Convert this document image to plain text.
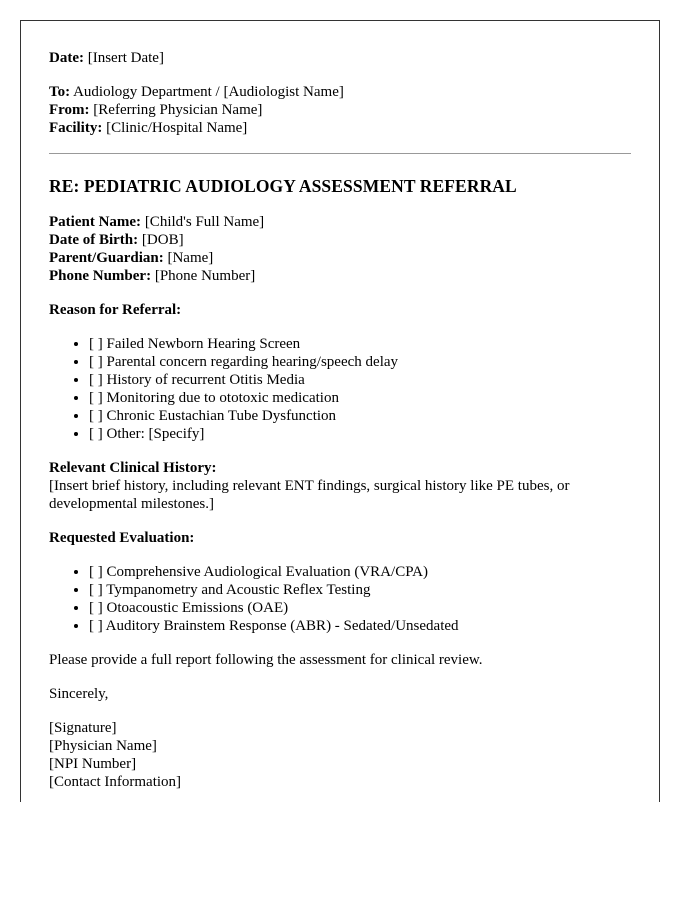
Date: [Insert Date]

To: Audiology Department / [Audiologist Name]

From: [Referring Physician Name]

Facility: [Clinic/Hospital Name]

RE: PEDIATRIC AUDIOLOGY ASSESSMENT REFERRAL

Patient Name: [Child's Full Name]

Date of Birth: [DOB]

Parent/Guardian: [Name]

Phone Number: [Phone Number]

Reason for Referral:

• [ ] Failed Newborn Hearing Screen
• [ ] Parental concern regarding hearing/speech delay
• [ ] History of recurrent Otitis Media
• [ ] Monitoring due to ototoxic medication
• [ ] Chronic Eustachian Tube Dysfunction
• [ ] Other: [Specify]

Relevant Clinical History:

[Insert brief history, including relevant ENT findings, surgical history like PE tubes, or developmental milestones.]

Requested Evaluation:

• [ ] Comprehensive Audiological Evaluation (VRA/CPA)
• [ ] Tympanometry and Acoustic Reflex Testing
• [ ] Otoacoustic Emissions (OAE)
• [ ] Auditory Brainstem Response (ABR) - Sedated/Unsedated

Please provide a full report following the assessment for clinical review.

Sincerely,

[Signature]

[Physician Name]

[NPI Number]

[Contact Information]
